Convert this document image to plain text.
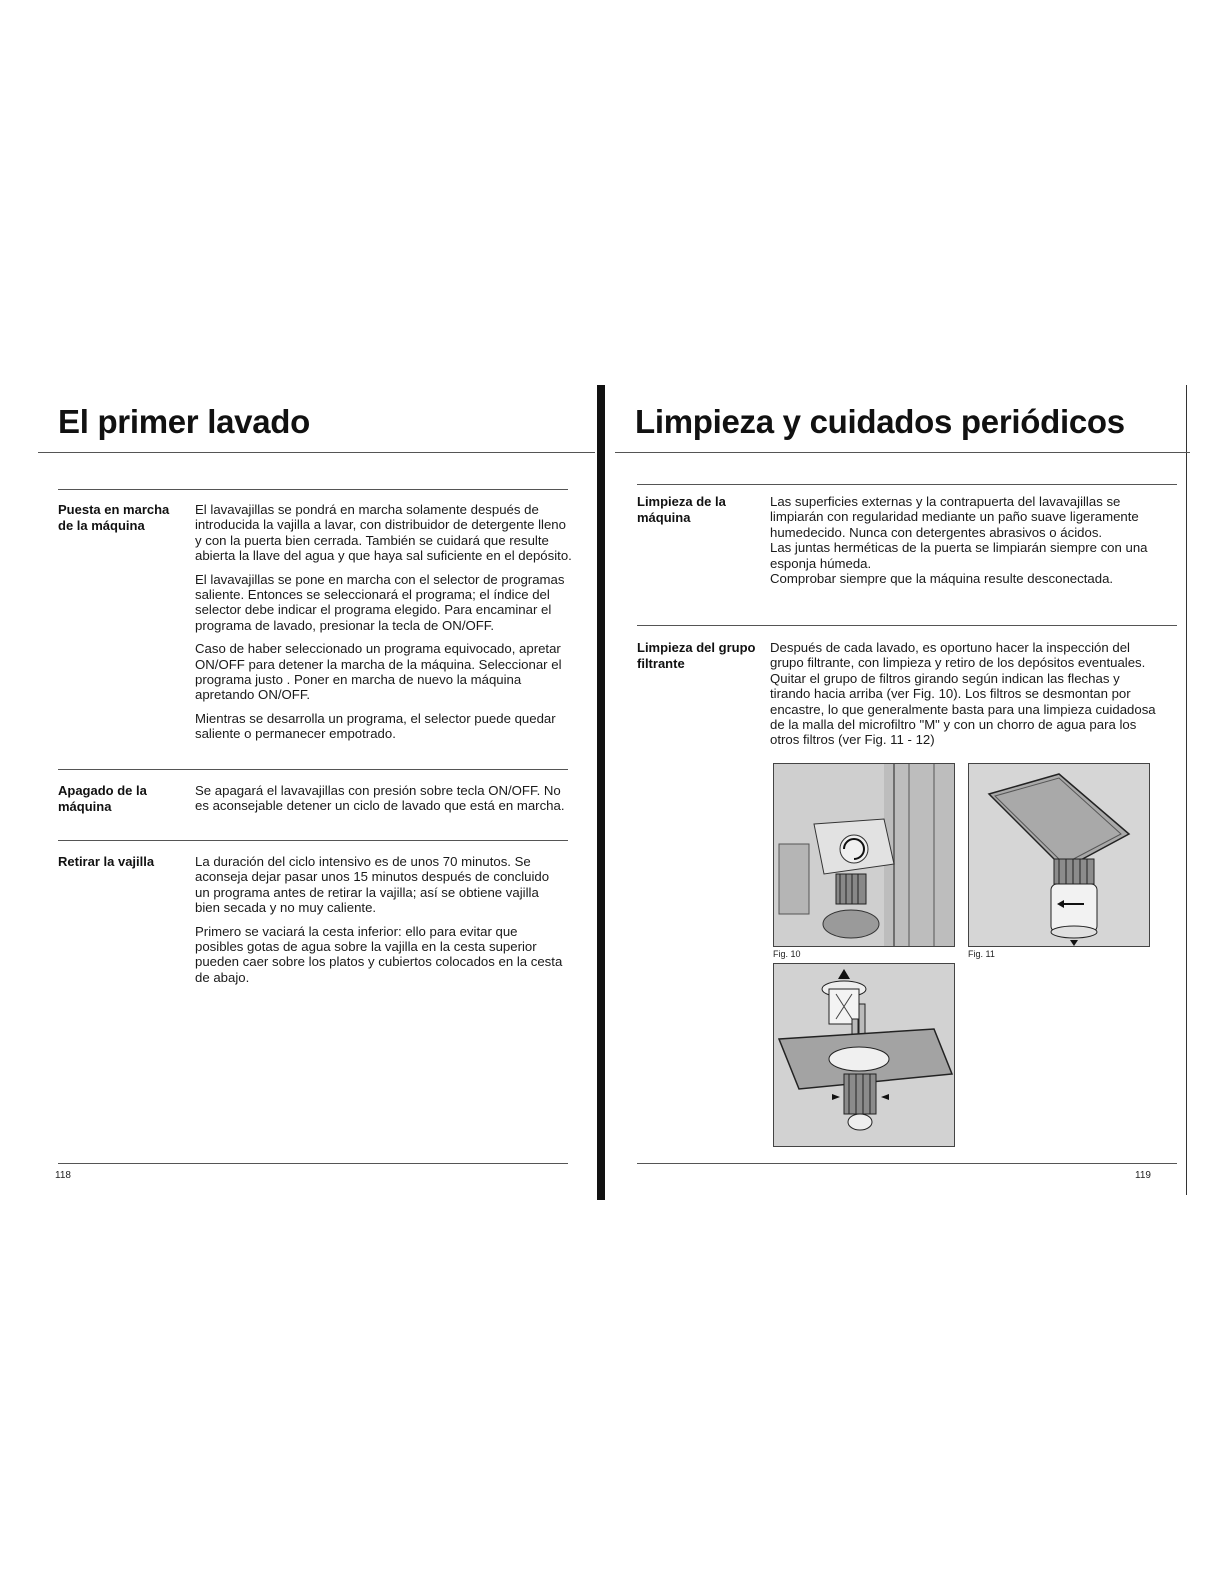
El primer lavado
Puesta en marcha de la máquina

El lavavajillas se pondrá en marcha solamente después de introducida la vajilla a lavar, con distribuidor de detergente lleno y con la puerta bien cerrada. También se cuidará que resulte abierta la llave del agua y que haya sal suficiente en el depósito.

El lavavajillas se pone en marcha con el selector de programas saliente. Entonces se seleccionará el programa; el índice del selector debe indicar el programa elegido. Para encaminar el programa de lavado, presionar la tecla de ON/OFF.

Caso de haber seleccionado un programa equivocado, apretar ON/OFF para detener la marcha de la máquina. Seleccionar el programa justo . Poner en marcha de nuevo la máquina apretando ON/OFF.

Mientras se desarrolla un programa, el selector puede quedar saliente o permanecer empotrado.

Apagado de la máquina

Se apagará el lavavajillas con presión sobre tecla ON/OFF. No es aconsejable detener un ciclo de lavado que está en marcha.

Retirar la vajilla	La duración del ciclo intensivo es de unos 70 minutos. Se aconseja dejar pasar unos 15 minutos después de concluido un programa antes de retirar la vajilla; así se obtiene vajilla bien secada y no muy caliente.

Primero se vaciará la cesta inferior: ello para evitar que posibles gotas de agua sobre la vajilla en la cesta superior pueden caer sobre los platos y cubiertos colocados en la cesta de abajo.

118
Limpieza y cuidados periódicos
Limpieza de la máquina

Las superficies externas y la contrapuerta del lavavajillas se limpiarán con regularidad mediante un paño suave ligeramente humedecido. Nunca con detergentes abrasivos o ácidos.

Las juntas herméticas de la puerta se limpiarán siempre con una esponja húmeda.

Comprobar siempre que la máquina resulte desconectada.

Limpieza del grupo filtrante

Después de cada lavado, es oportuno hacer la inspección del grupo filtrante, con limpieza y retiro de los depósitos eventuales. Quitar el grupo de filtros girando según indican las flechas y tirando hacia arriba (ver Fig. 10). Los filtros se desmontan por encastre, lo que generalmente basta para una limpieza cuidadosa de la malla del microfiltro "M" y con un chorro de agua para los otros filtros (ver Fig. 11 - 12)

Fig. 10	Fig. 11
119
